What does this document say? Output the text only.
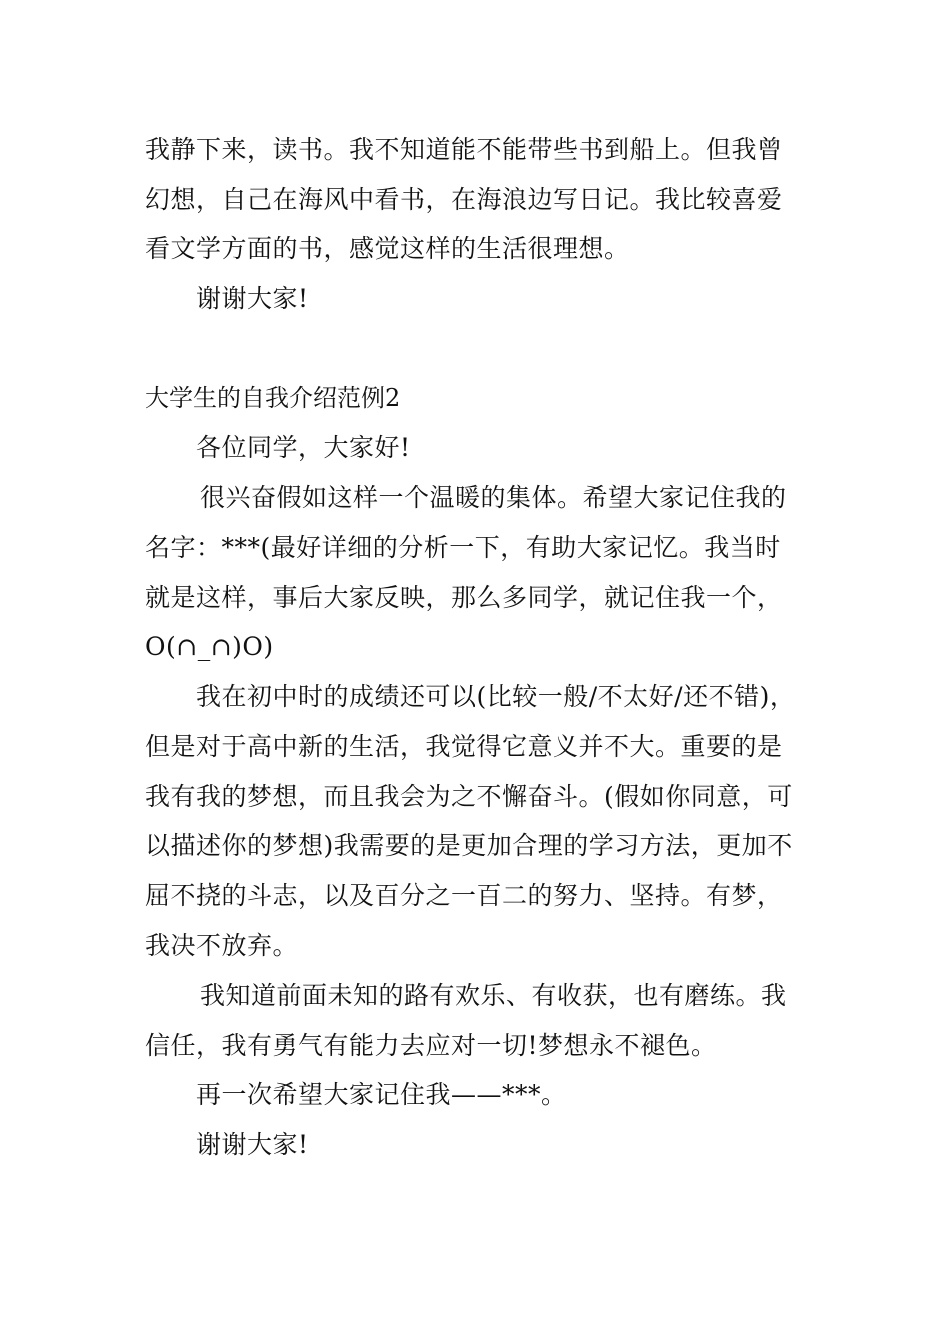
我静下来，读书。我不知道能不能带些书到船上。但我曾
幻想，自己在海风中看书，在海浪边写日记。我比较喜爱
看文学方面的书，感觉这样的生活很理想。
谢谢大家!
大学生的自我介绍范例2
各位同学，大家好!
很兴奋假如这样一个温暖的集体。希望大家记住我的
名字：***(最好详细的分析一下，有助大家记忆。我当时
就是这样，事后大家反映，那么多同学，就记住我一个，
O(∩_∩)O)
我在初中时的成绩还可以(比较一般/不太好/还不错)，
但是对于高中新的生活，我觉得它意义并不大。重要的是
我有我的梦想，而且我会为之不懈奋斗。(假如你同意，可
以描述你的梦想)我需要的是更加合理的学习方法，更加不
屈不挠的斗志，以及百分之一百二的努力、坚持。有梦，
我决不放弃。
我知道前面未知的路有欢乐、有收获，也有磨练。我
信任，我有勇气有能力去应对一切!梦想永不褪色。
再一次希望大家记住我——***。
谢谢大家!
